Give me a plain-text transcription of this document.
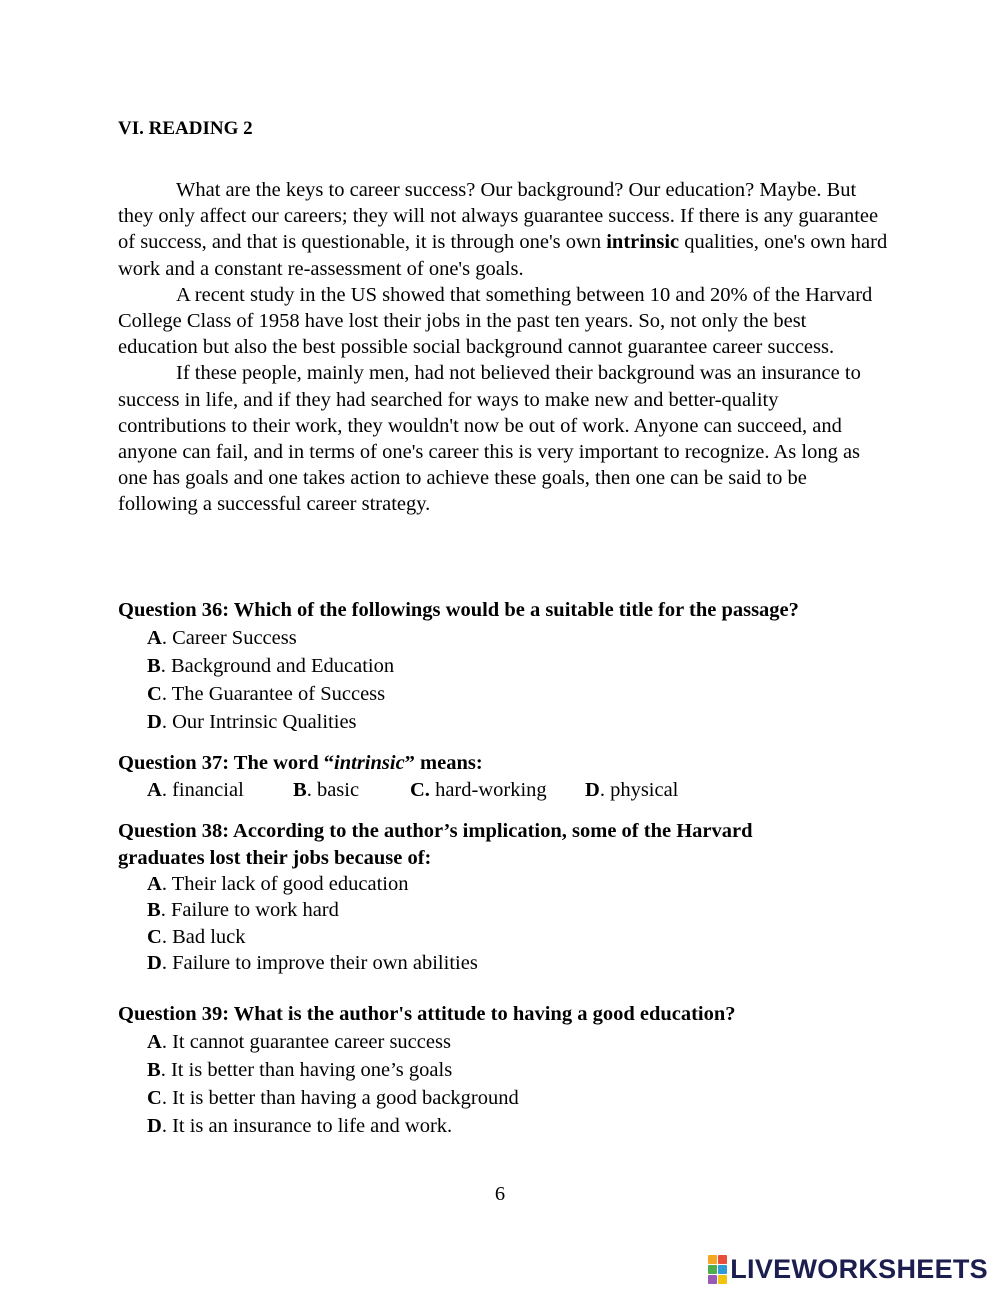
VI. READING 2

What are the keys to career success? Our background? Our education? Maybe. But they only affect our careers; they will not always guarantee success. If there is any guarantee of success, and that is questionable, it is through one's own intrinsic qualities, one's own hard work and a constant re-assessment of one's goals.

A recent study in the US showed that something between 10 and 20% of the Harvard College Class of 1958 have lost their jobs in the past ten years. So, not only the best education but also the best possible social background cannot guarantee career success.

If these people, mainly men, had not believed their background was an insurance to success in life, and if they had searched for ways to make new and better-quality contributions to their work, they wouldn't now be out of work. Anyone can succeed, and anyone can fail, and in terms of one's career this is very important to recognize. As long as one has goals and one takes action to achieve these goals, then one can be said to be following a successful career strategy.

Question 36: Which of the followings would be a suitable title for the passage?
A. Career Success
B. Background and Education
C. The Guarantee of Success
D. Our Intrinsic Qualities
Question 37: The word “intrinsic” means:
A. financial B. basic C. hard-working D. physical
Question 38: According to the author’s implication, some of the Harvard graduates lost their jobs because of:
A. Their lack of good education
B. Failure to work hard
C. Bad luck
D. Failure to improve their own abilities
Question 39: What is the author's attitude to having a good education?
A. It cannot guarantee career success
B. It is better than having one’s goals
C. It is better than having a good background
D. It is an insurance to life and work.
6
LIVEWORKSHEETS
